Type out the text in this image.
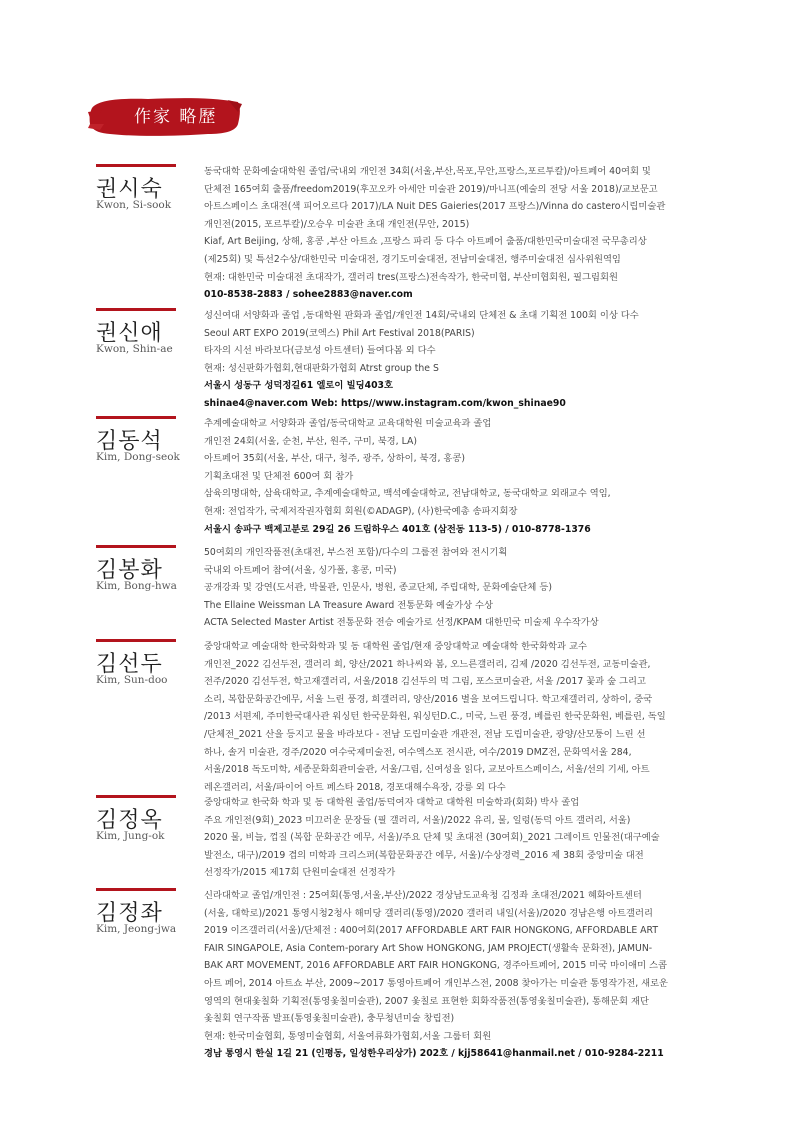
作家 略歷
권시숙
Kwon, Si-sook
동국대학 문화예술대학원 졸업/국내외 개인전 34회(서울,부산,목포,무안,프랑스,포르투칼)/아트페어 40여회 및
단체전 165여회 출품/freedom2019(후꼬오카 아세안 미술관 2019)/마니프(예술의 전당 서울 2018)/교보문고
아트스페이스 초대전(색 피어오르다 2017)/LA Nuit DES Gaieries(2017 프랑스)/Vinna do castero시립미술관
개인전(2015, 포르투칼)/오승우 미술관 초대 개인전(무안, 2015)
Kiaf, Art Beijing, 상해, 홍콩 ,부산 아트쇼 ,프랑스 파리 등 다수 아트페어 출품/대한민국미술대전 국무총리상
(제25회) 및 특선2수상/대한민국 미술대전, 경기도미술대전, 전남미술대전, 행주미술대전 심사위원역임
현재: 대한민국 미술대전 초대작가, 갤러리 tres(프랑스)전속작가, 한국미협, 부산미협회원, 필그림회원
010-8538-2883 / sohee2883@naver.com
권신애
Kwon, Shin-ae
성신여대 서양화과 졸업 ,동대학원 판화과 졸업/개인전 14회/국내외 단체전 & 초대 기획전 100회 이상 다수
Seoul ART EXPO 2019(코엑스) Phil Art Festival 2018(PARIS)
타자의 시선 바라보다(금보성 아트센터) 들여다봄 외 다수
현재: 성신판화가협회,현대판화가협회 Atrst group the S
서울시 성동구 성덕정길61 엘로이 빌딩403호
shinae4@naver.com Web: https//www.instagram.com/kwon_shinae90
김동석
Kim, Dong-seok
추계예술대학교 서양화과 졸업/동국대학교 교육대학원 미술교육과 졸업
개인전 24회(서울, 순천, 부산, 원주, 구미, 북경, LA)
아트페어 35회(서울, 부산, 대구, 청주, 광주, 상하이, 북경, 홍콩)
기획초대전 및 단체전 600여 회 참가
삼육의명대학, 삼육대학교, 추계예술대학교, 백석예술대학교, 전남대학교, 동국대학교 외래교수 역임,
현재: 전업작가, 국제저작권자협회 회원(©ADAGP), (사)한국예총 송파지회장
서울시 송파구 백제고분로 29길 26 드림하우스 401호 (삼전동 113-5) / 010-8778-1376
김봉화
Kim, Bong-hwa
50여회의 개인작품전(초대전, 부스전 포함)/다수의 그룹전 참여와 전시기획
국내외 아트페어 참여(서울, 싱가폴, 홍콩, 미국)
공개강좌 및 강연(도서관, 박물관, 인문사, 병원, 종교단체, 주립대학, 문화예술단체 등)
The Ellaine Weissman LA Treasure Award 전통문화 예술가상 수상
ACTA Selected Master Artist 전통문화 전승 예술가로 선정/KPAM 대한민국 미술제 우수작가상
김선두
Kim, Sun-doo
중앙대학교 예술대학 한국화학과 및 동 대학원 졸업/현재 중앙대학교 예술대학 한국화학과 교수
개인전_2022 김선두전, 갤러리 희, 양산/2021 하나씨와 봄, 오느른갤러리, 김제 /2020 김선두전, 교동미술관,
전주/2020 김선두전, 학고재갤러리, 서울/2018 김선두의 먹 그림, 포스코미술관, 서울 /2017 꽃과 숲 그리고
소리, 복합문화공간에무, 서울 느린 풍경, 희갤러리, 양산/2016 별을 보여드립니다. 학고재갤러리, 상하이, 중국
/2013 서편제, 주미한국대사관 워싱턴 한국문화원, 워싱턴D.C., 미국, 느린 풍경, 베를린 한국문화원, 베를린, 독일
/단체전_2021 산을 등지고 물을 바라보다 - 전남 도립미술관 개관전, 전남 도립미술관, 광양/산모퉁이 느린 선
하나, 솔거 미술관, 경주/2020 여수국제미술전, 여수엑스포 전시관, 여수/2019 DMZ전, 문화역서울 284,
서울/2018 독도미학, 세종문화회관미술관, 서울/그림, 신여성을 읽다, 교보아트스페이스, 서울/선의 기세, 아트
레온갤러리, 서울/파이어 아트 페스타 2018, 경포대해수욕장, 강릉 외 다수
김정옥
Kim, Jung-ok
중앙대학교 한국화 학과 및 동 대학원 졸업/동덕여자 대학교 대학원 미술학과(회화) 박사 졸업
주요 개인전(9회)_2023 미끄러운 문장들 (필 갤러리, 서울)/2022 유리, 물, 일렁(동덕 아트 갤러리, 서울)
2020 물, 비늘, 껍질 (복합 문화공간 에무, 서울)/주요 단체 및 초대전 (30여회)_2021 그레이트 인물전(대구예술
발전소, 대구)/2019 겹의 미학과 크리스퍼(복합문화공간 에무, 서울)/수상경력_2016 제 38회 중앙미술 대전
선정작가/2015 제17회 단원미술대전 선정작가
김정좌
Kim, Jeong-jwa
신라대학교 졸업/개인전 : 25여회(통영,서울,부산)/2022 경상남도교육청 김정좌 초대전/2021 혜화아트센터
(서울, 대학로)/2021 통영시청2청사 해미당 갤러리(통영)/2020 갤러리 내일(서울)/2020 경남은행 아트갤러리
2019 이즈갤러리(서울)/단체전 : 400여회(2017 AFFORDABLE ART FAIR HONGKONG, AFFORDABLE ART
FAIR SINGAPOLE, Asia Contem-porary Art Show HONGKONG, JAM PROJECT(생활속 문화전), JAMUN-
BAK ART MOVEMENT, 2016 AFFORDABLE ART FAIR HONGKONG, 경주아트페어, 2015 미국 마이애미 스콥
아트 페어, 2014 아트쇼 부산, 2009~2017 통영아트페어 개인부스전, 2008 찾아가는 미술관 통영작가전, 새로운
영역의 현대옻칠화 기획전(통영옻칠미술관), 2007 옻칠로 표현한 회화작품전(통영옻칠미술관), 통해문회 재단
옻칠회 연구작품 발표(통영옻칠미술관), 충무청년미술 창립전)
현재: 한국미술협회, 통영미술협회, 서울여류화가협회,서울 그룹터 회원
경남 통영시 한실 1길 21 (인평동, 일성한우리상가) 202호 / kjj58641@hanmail.net / 010-9284-2211
